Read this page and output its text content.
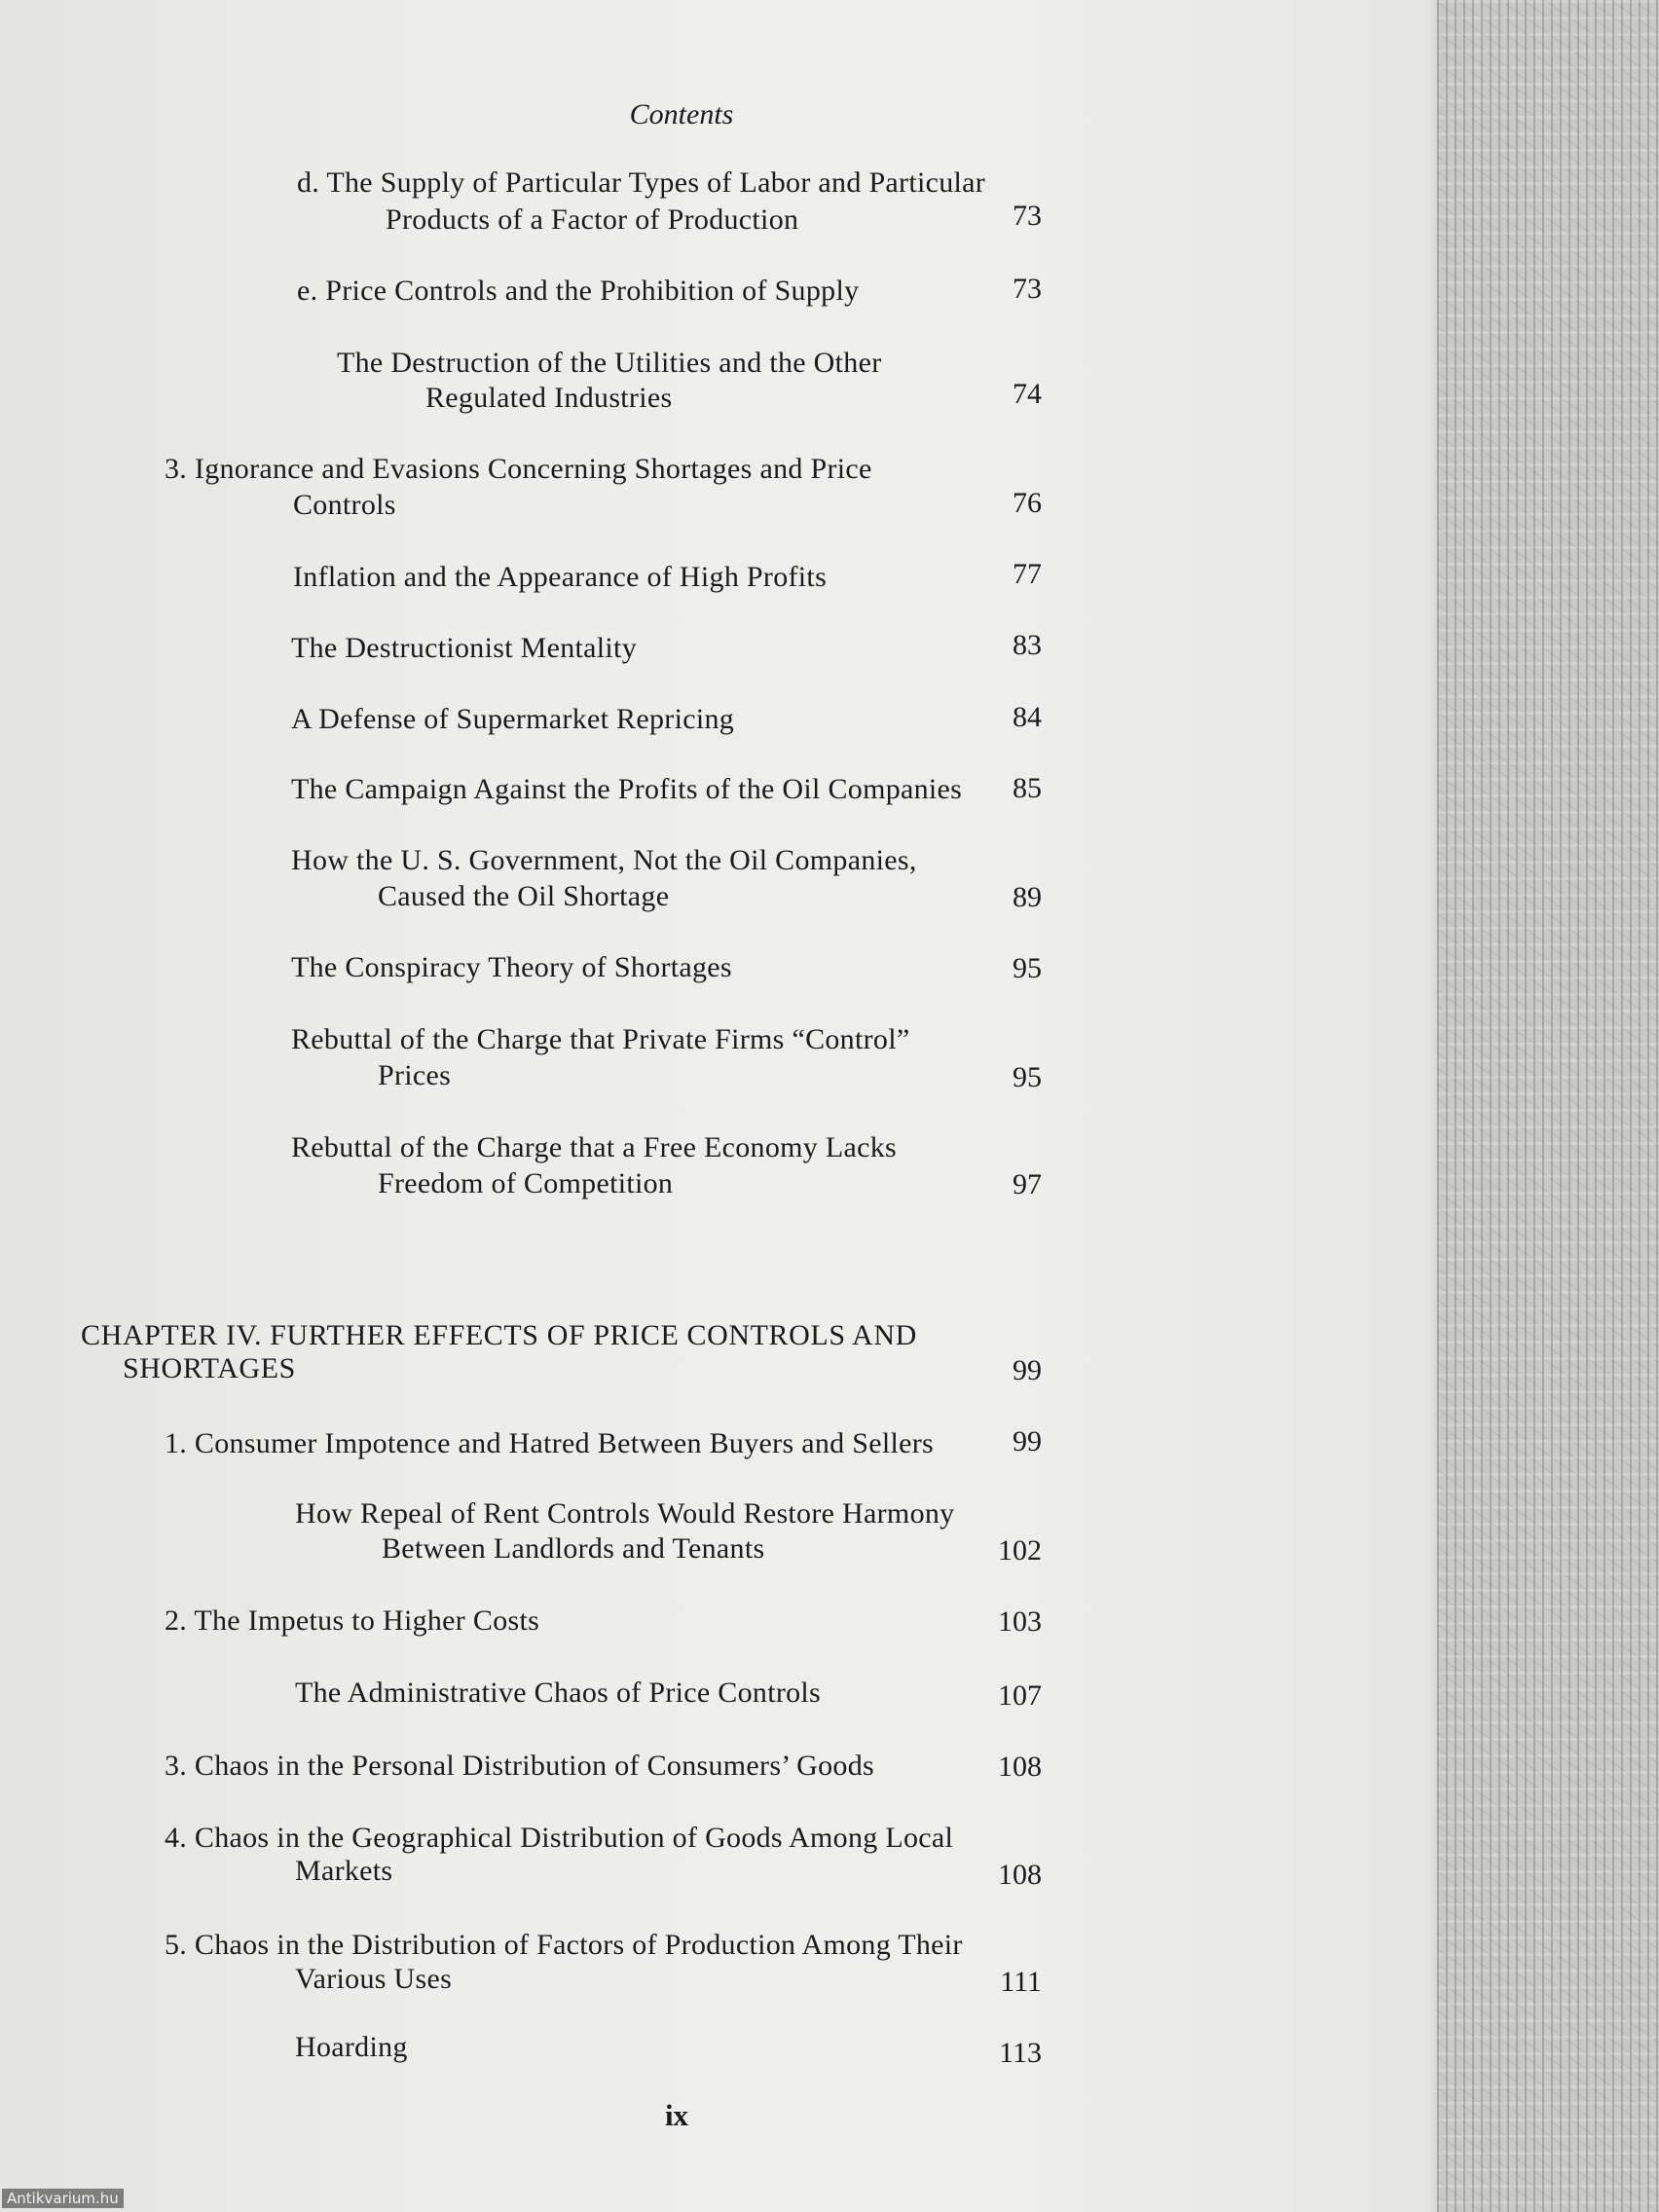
Contents
d. The Supply of Particular Types of Labor and Particular
Products of a Factor of Production	73
e. Price Controls and the Prohibition of Supply	73
The Destruction of the Utilities and the Other
Regulated Industries	74
3. Ignorance and Evasions Concerning Shortages and Price
Controls	76
Inflation and the Appearance of High Profits	77
The Destructionist Mentality	83
A Defense of Supermarket Repricing	84
The Campaign Against the Profits of the Oil Companies 85
How the U. S. Government, Not the Oil Companies,
Caused the Oil Shortage	89
The Conspiracy Theory of Shortages	95
Rebuttal of the Charge that Private Firms “Control”
Prices	95
Rebuttal of the Charge that a Free Economy Lacks
Freedom of Competition	97
CHAPTER IV. FURTHER EFFECTS OF PRICE CONTROLS AND
SHORTAGES	99
1. Consumer Impotence and Hatred Between Buyers and Sellers	99
How Repeal of Rent Controls Would Restore Harmony
Between Landlords and Tenants	102
2. The Impetus to Higher Costs	103
The Administrative Chaos of Price Controls	107
3. Chaos in the Personal Distribution of Consumers’ Goods	108
4. Chaos in the Geographical Distribution of Goods Among Local
Markets	108
5. Chaos in the Distribution of Factors of Production Among Their
Various Uses	111
Hoarding	113
ix
Antikvarium.hu
